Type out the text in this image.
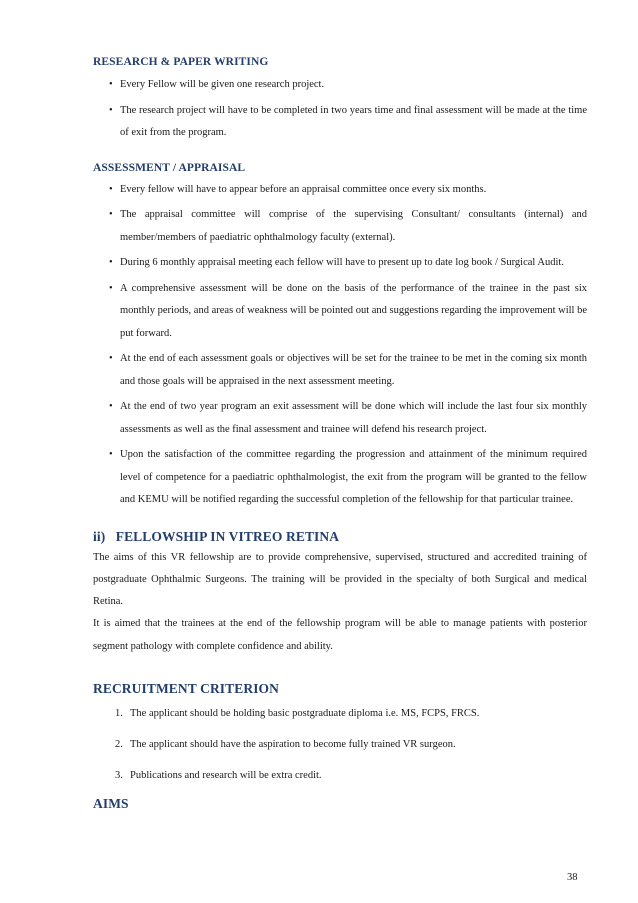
RESEARCH & PAPER WRITING
• Every Fellow will be given one research project.
• The research project will have to be completed in two years time and final assessment will be made at the time of exit from the program.
ASSESSMENT / APPRAISAL
• Every fellow will have to appear before an appraisal committee once every six months.
• The appraisal committee will comprise of the supervising Consultant/ consultants (internal) and member/members of paediatric ophthalmology faculty (external).
• During 6 monthly appraisal meeting each fellow will have to present up to date log book / Surgical Audit.
• A comprehensive assessment will be done on the basis of the performance of the trainee in the past six monthly periods, and areas of weakness will be pointed out and suggestions regarding the improvement will be put forward.
• At the end of each assessment goals or objectives will be set for the trainee to be met in the coming six month and those goals will be appraised in the next assessment meeting.
• At the end of two year program an exit assessment will be done which will include the last four six monthly assessments as well as the final assessment and trainee will defend his research project.
• Upon the satisfaction of the committee regarding the progression and attainment of the minimum required level of competence for a paediatric ophthalmologist, the exit from the program will be granted to the fellow and KEMU will be notified regarding the successful completion of the fellowship for that particular trainee.
ii)   FELLOWSHIP IN VITREO RETINA

The aims of this VR fellowship are to provide comprehensive, supervised, structured and accredited training of postgraduate Ophthalmic Surgeons. The training will be provided in the specialty of both Surgical and medical Retina.

It is aimed that the trainees at the end of the fellowship program will be able to manage patients with posterior segment pathology with complete confidence and ability.

RECRUITMENT CRITERION
1. The applicant should be holding basic postgraduate diploma i.e. MS, FCPS, FRCS.
2. The applicant should have the aspiration to become fully trained VR surgeon.
3. Publications and research will be extra credit.
AIMS
38
